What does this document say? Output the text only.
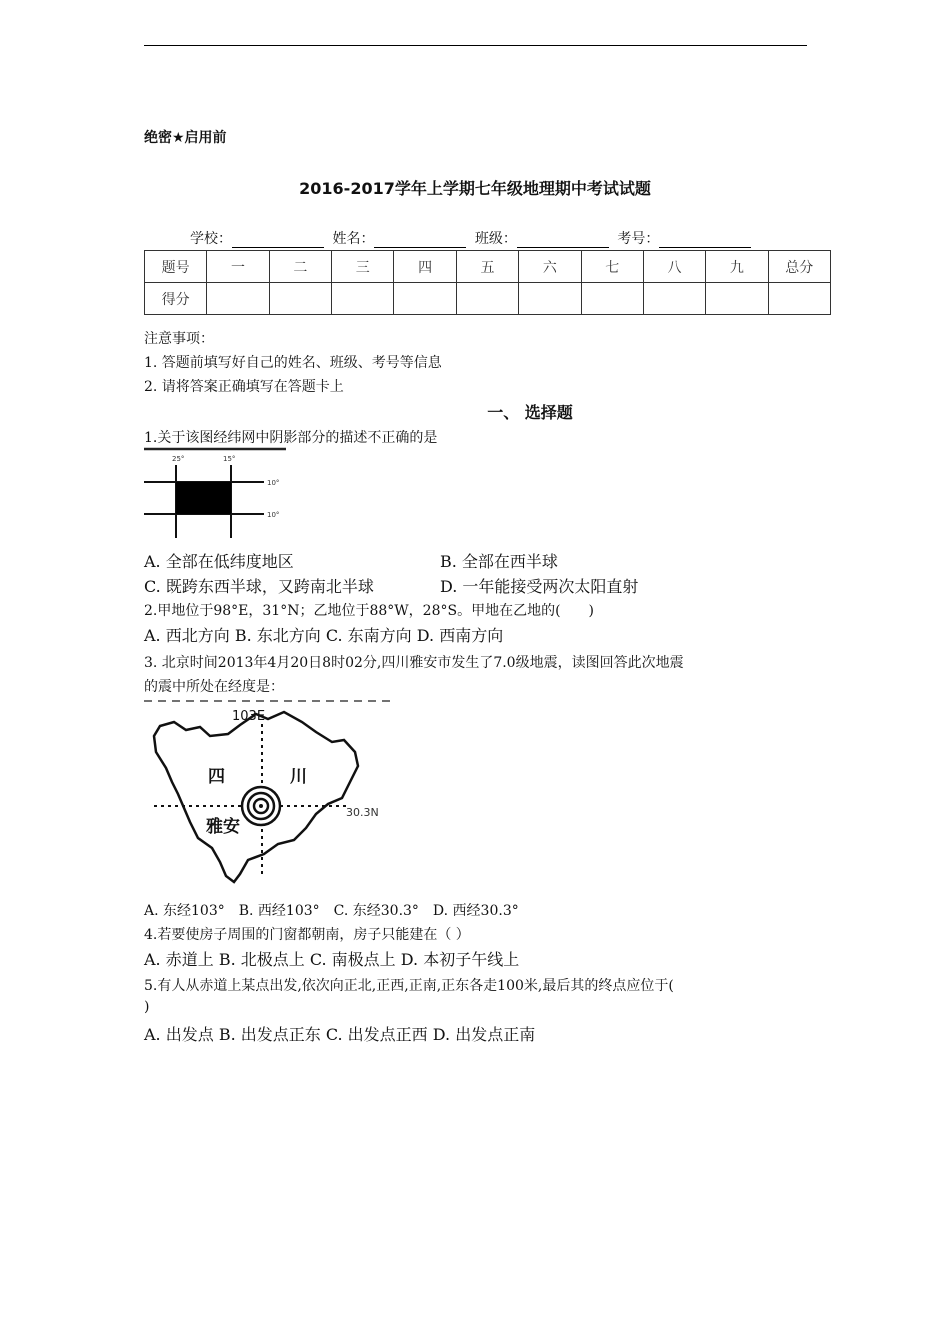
绝密★启用前
2016-2017学年上学期七年级地理期中考试试题
学校：	姓名：	班级：	考号：
题号	一	二	三	四	五	六	七	八	九	总分
得分										
注意事项：
1. 答题前填写好自己的姓名、班级、考号等信息
2. 请将答案正确填写在答题卡上
一、 选择题
1.关于该图经纬网中阴影部分的描述不正确的是
25°	15°
10°
10°
A. 全部在低纬度地区	B. 全部在西半球
C. 既跨东西半球，又跨南北半球	D. 一年能接受两次太阳直射
2.甲地位于98°E，31°N；乙地位于88°W，28°S。甲地在乙地的(　　)
A. 西北方向 B. 东北方向 C. 东南方向 D. 西南方向
3. 北京时间2013年4月20日8时02分,四川雅安市发生了7.0级地震，读图回答此次地震
的震中所处在经度是：
103E
30.3N
四	川
雅安
A. 东经103°　B. 西经103°　C. 东经30.3°　D. 西经30.3°
4.若要使房子周围的门窗都朝南，房子只能建在（ ）
A. 赤道上 B. 北极点上 C. 南极点上 D. 本初子午线上
5.有人从赤道上某点出发,依次向正北,正西,正南,正东各走100米,最后其的终点应位于(
)
A. 出发点 B. 出发点正东 C. 出发点正西 D. 出发点正南
